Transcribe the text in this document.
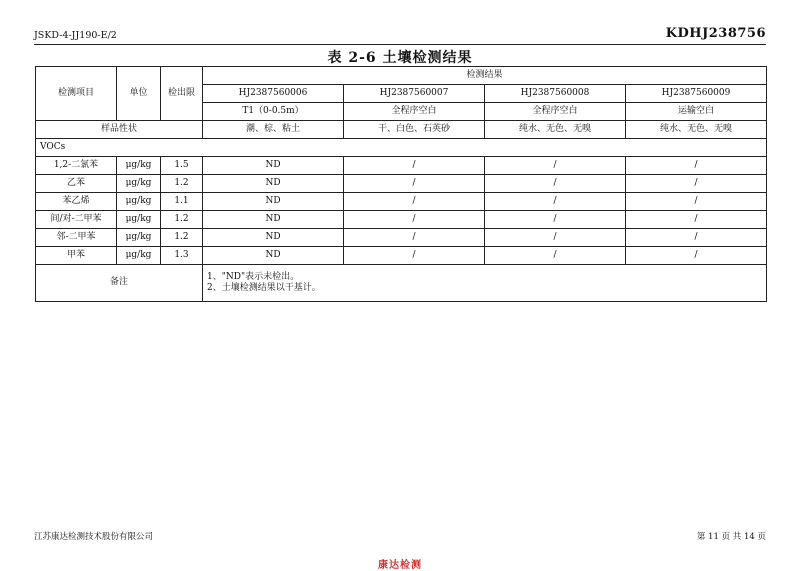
JSKD-4-JJ190-E/2	KDHJ238756
表 2-6 土壤检测结果
检测项目	单位	检出限	检测结果			
			HJ2387560006	HJ2387560007	HJ2387560008	HJ2387560009
			T1（0-0.5m）	全程序空白	全程序空白	运输空白
样品性状			潮、棕、粘土	干、白色、石英砂	纯水、无色、无嗅	纯水、无色、无嗅
VOCs						
1,2-二氯苯	μg/kg	1.5	ND	/	/	/
乙苯	μg/kg	1.2	ND	/	/	/
苯乙烯	μg/kg	1.1	ND	/	/	/
间/对-二甲苯	μg/kg	1.2	ND	/	/	/
邻-二甲苯	μg/kg	1.2	ND	/	/	/
甲苯	μg/kg	1.3	ND	/	/	/
备注			1、"ND"表示未检出。
2、土壤检测结果以干基计。			
江苏康达检测技术股份有限公司	第 11 页 共 14 页
康达检测
